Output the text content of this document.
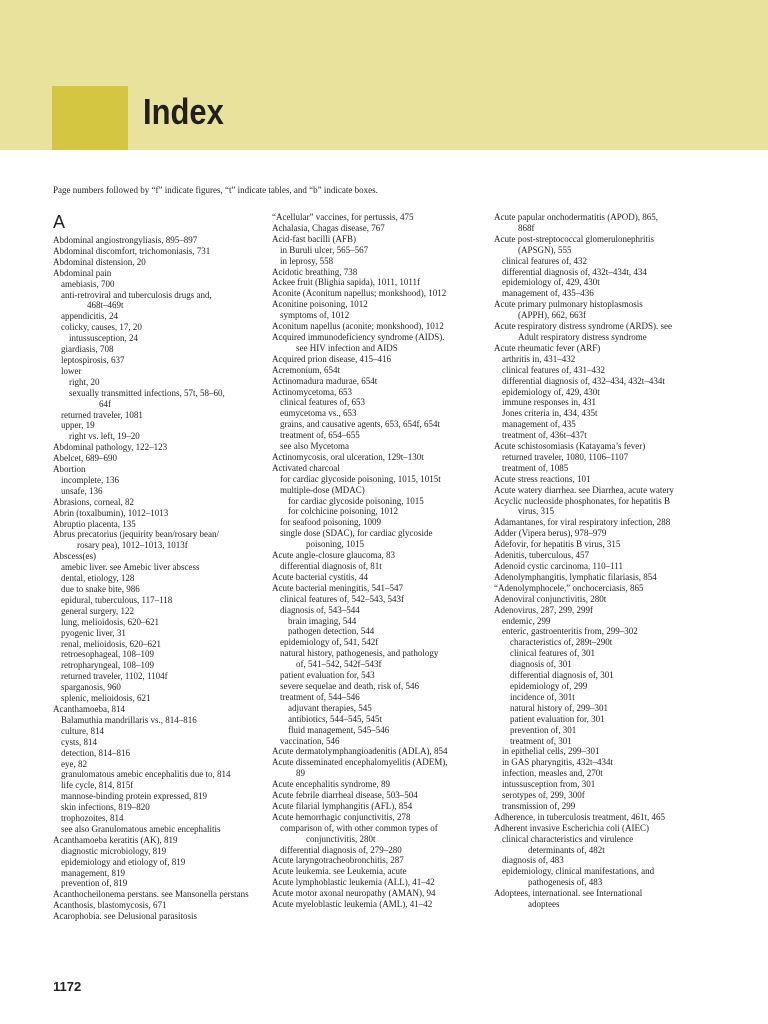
Index
Page numbers followed by “f” indicate figures, “t” indicate tables, and “b” indicate boxes.
A
Abdominal angiostrongyliasis, 895–897
Abdominal discomfort, trichomoniasis, 731
Abdominal distension, 20
Abdominal pain
amebiasis, 700
anti-retroviral and tuberculosis drugs and,
468t–469t
appendicitis, 24
colicky, causes, 17, 20
intussusception, 24
giardiasis, 708
leptospirosis, 637
lower
right, 20
sexually transmitted infections, 57t, 58–60,
64f
returned traveler, 1081
upper, 19
right vs. left, 19–20
Abdominal pathology, 122–123
Abelcet, 689–690
Abortion
incomplete, 136
unsafe, 136
Abrasions, corneal, 82
Abrin (toxalbumin), 1012–1013
Abruptio placenta, 135
Abrus precatorius (jequirity bean/rosary bean/
rosary pea), 1012–1013, 1013f
Abscess(es)
amebic liver. see Amebic liver abscess
dental, etiology, 128
due to snake bite, 986
epidural, tuberculous, 117–118
general surgery, 122
lung, melioidosis, 620–621
pyogenic liver, 31
renal, melioidosis, 620–621
retroesophageal, 108–109
retropharyngeal, 108–109
returned traveler, 1102, 1104f
sparganosis, 960
splenic, melioidosis, 621
Acanthamoeba, 814
Balamuthia mandrillaris vs., 814–816
culture, 814
cysts, 814
detection, 814–816
eye, 82
granulomatous amebic encephalitis due to, 814
life cycle, 814, 815f
mannose-binding protein expressed, 819
skin infections, 819–820
trophozoites, 814
see also Granulomatous amebic encephalitis
Acanthamoeba keratitis (AK), 819
diagnostic microbiology, 819
epidemiology and etiology of, 819
management, 819
prevention of, 819
Acanthocheilonema perstans. see Mansonella perstans
Acanthosis, blastomycosis, 671
Acarophobia. see Delusional parasitosis
“Acellular” vaccines, for pertussis, 475
Achalasia, Chagas disease, 767
Acid-fast bacilli (AFB)
in Buruli ulcer, 565–567
in leprosy, 558
Acidotic breathing, 738
Ackee fruit (Blighia sapida), 1011, 1011f
Aconite (Aconitum napellus; monkshood), 1012
Aconitine poisoning, 1012
symptoms of, 1012
Aconitum napellus (aconite; monkshood), 1012
Acquired immunodeficiency syndrome (AIDS).
see HIV infection and AIDS
Acquired prion disease, 415–416
Acremonium, 654t
Actinomadura madurae, 654t
Actinomycetoma, 653
clinical features of, 653
eumycetoma vs., 653
grains, and causative agents, 653, 654f, 654t
treatment of, 654–655
see also Mycetoma
Actinomycosis, oral ulceration, 129t–130t
Activated charcoal
for cardiac glycoside poisoning, 1015, 1015t
multiple-dose (MDAC)
for cardiac glycoside poisoning, 1015
for colchicine poisoning, 1012
for seafood poisoning, 1009
single dose (SDAC), for cardiac glycoside
poisoning, 1015
Acute angle-closure glaucoma, 83
differential diagnosis of, 81t
Acute bacterial cystitis, 44
Acute bacterial meningitis, 541–547
clinical features of, 542–543, 543f
diagnosis of, 543–544
brain imaging, 544
pathogen detection, 544
epidemiology of, 541, 542f
natural history, pathogenesis, and pathology
of, 541–542, 542f–543f
patient evaluation for, 543
severe sequelae and death, risk of, 546
treatment of, 544–546
adjuvant therapies, 545
antibiotics, 544–545, 545t
fluid management, 545–546
vaccination, 546
Acute dermatolymphangioadenitis (ADLA), 854
Acute disseminated encephalomyelitis (ADEM),
89
Acute encephalitis syndrome, 89
Acute febrile diarrheal disease, 503–504
Acute filarial lymphangitis (AFL), 854
Acute hemorrhagic conjunctivitis, 278
comparison of, with other common types of
conjunctivitis, 280t
differential diagnosis of, 279–280
Acute laryngotracheobronchitis, 287
Acute leukemia. see Leukemia, acute
Acute lymphoblastic leukemia (ALL), 41–42
Acute motor axonal neuropathy (AMAN), 94
Acute myeloblastic leukemia (AML), 41–42
Acute papular onchodermatitis (APOD), 865,
868f
Acute post-streptococcal glomerulonephritis
(APSGN), 555
clinical features of, 432
differential diagnosis of, 432t–434t, 434
epidemiology of, 429, 430t
management of, 435–436
Acute primary pulmonary histoplasmosis
(APPH), 662, 663f
Acute respiratory distress syndrome (ARDS). see
Adult respiratory distress syndrome
Acute rheumatic fever (ARF)
arthritis in, 431–432
clinical features of, 431–432
differential diagnosis of, 432–434, 432t–434t
epidemiology of, 429, 430t
immune responses in, 431
Jones criteria in, 434, 435t
management of, 435
treatment of, 436t–437t
Acute schistosomiasis (Katayama’s fever)
returned traveler, 1080, 1106–1107
treatment of, 1085
Acute stress reactions, 101
Acute watery diarrhea. see Diarrhea, acute watery
Acyclic nucleoside phosphonates, for hepatitis B
virus, 315
Adamantanes, for viral respiratory infection, 288
Adder (Vipera berus), 978–979
Adefovir, for hepatitis B virus, 315
Adenitis, tuberculous, 457
Adenoid cystic carcinoma, 110–111
Adenolymphangitis, lymphatic filariasis, 854
“Adenolymphocele,” onchocerciasis, 865
Adenoviral conjunctivitis, 280t
Adenovirus, 287, 299, 299f
endemic, 299
enteric, gastroenteritis from, 299–302
characteristics of, 289t–290t
clinical features of, 301
diagnosis of, 301
differential diagnosis of, 301
epidemiology of, 299
incidence of, 301t
natural history of, 299–301
patient evaluation for, 301
prevention of, 301
treatment of, 301
in epithelial cells, 299–301
in GAS pharyngitis, 432t–434t
infection, measles and, 270t
intussusception from, 301
serotypes of, 299, 300f
transmission of, 299
Adherence, in tuberculosis treatment, 461t, 465
Adherent invasive Escherichia coli (AIEC)
clinical characteristics and virulence
determinants of, 482t
diagnosis of, 483
epidemiology, clinical manifestations, and
pathogenesis of, 483
Adoptees, international. see International
adoptees
1172
